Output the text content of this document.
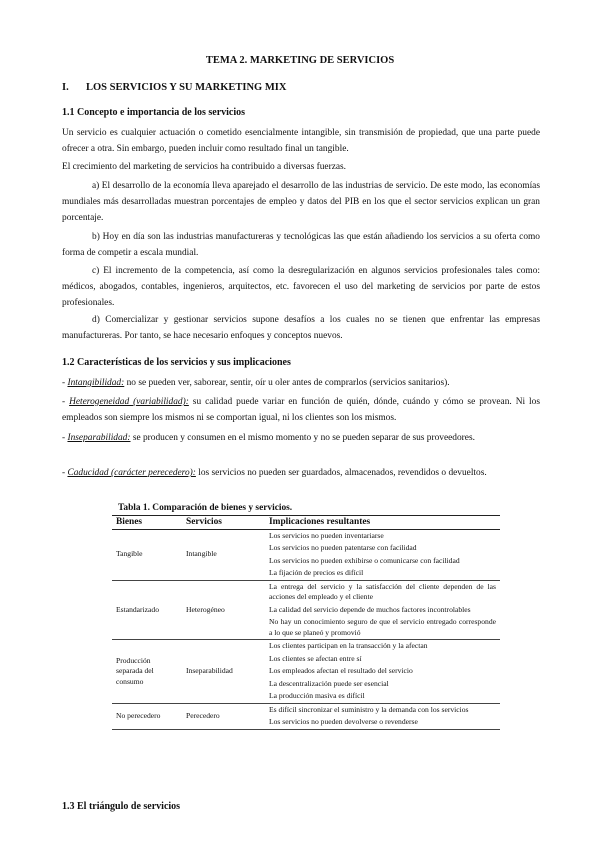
TEMA 2. MARKETING DE SERVICIOS

I. LOS SERVICIOS Y SU MARKETING MIX

1.1 Concepto e importancia de los servicios

Un servicio es cualquier actuación o cometido esencialmente intangible, sin transmisión de propiedad, que una parte puede ofrecer a otra. Sin embargo, pueden incluir como resultado final un tangible.

El crecimiento del marketing de servicios ha contribuido a diversas fuerzas.

a) El desarrollo de la economía lleva aparejado el desarrollo de las industrias de servicio. De este modo, las economías mundiales más desarrolladas muestran porcentajes de empleo y datos del PIB en los que el sector servicios explican un gran porcentaje.

b) Hoy en día son las industrias manufactureras y tecnológicas las que están añadiendo los servicios a su oferta como forma de competir a escala mundial.

c) El incremento de la competencia, así como la desregularización en algunos servicios profesionales tales como: médicos, abogados, contables, ingenieros, arquitectos, etc. favorecen el uso del marketing de servicios por parte de estos profesionales.

d) Comercializar y gestionar servicios supone desafíos a los cuales no se tienen que enfrentar las empresas manufactureras. Por tanto, se hace necesario enfoques y conceptos nuevos.

1.2 Características de los servicios y sus implicaciones

- Intangibilidad: no se pueden ver, saborear, sentir, oír u oler antes de comprarlos (servicios sanitarios).

- Heterogeneidad (variabilidad): su calidad puede variar en función de quién, dónde, cuándo y cómo se provean. Ni los empleados son siempre los mismos ni se comportan igual, ni los clientes son los mismos.

- Inseparabilidad: se producen y consumen en el mismo momento y no se pueden separar de sus proveedores.

- Caducidad (carácter perecedero): los servicios no pueden ser guardados, almacenados, revendidos o devueltos.

Tabla 1. Comparación de bienes y servicios.

Bienes	Servicios	Implicaciones resultantes
Tangible	Intangible	Los servicios no pueden inventariarse
Los servicios no pueden patentarse con facilidad
Los servicios no pueden exhibirse o comunicarse con facilidad
La fijación de precios es difícil

Estandarizado	Heterogéneo	La entrega del servicio y la satisfacción del cliente dependen de las acciones del empleado y el cliente
La calidad del servicio depende de muchos factores incontrolables
No hay un conocimiento seguro de que el servicio entregado corresponde a lo que se planeó y promovió

Producción separada del consumo	Inseparabilidad	Los clientes participan en la transacción y la afectan
Los clientes se afectan entre sí
Los empleados afectan el resultado del servicio
La descentralización puede ser esencial
La producción masiva es difícil

No perecedero	Perecedero	Es difícil sincronizar el suministro y la demanda con los servicios
Los servicios no pueden devolverse o revenderse

1.3 El triángulo de servicios
